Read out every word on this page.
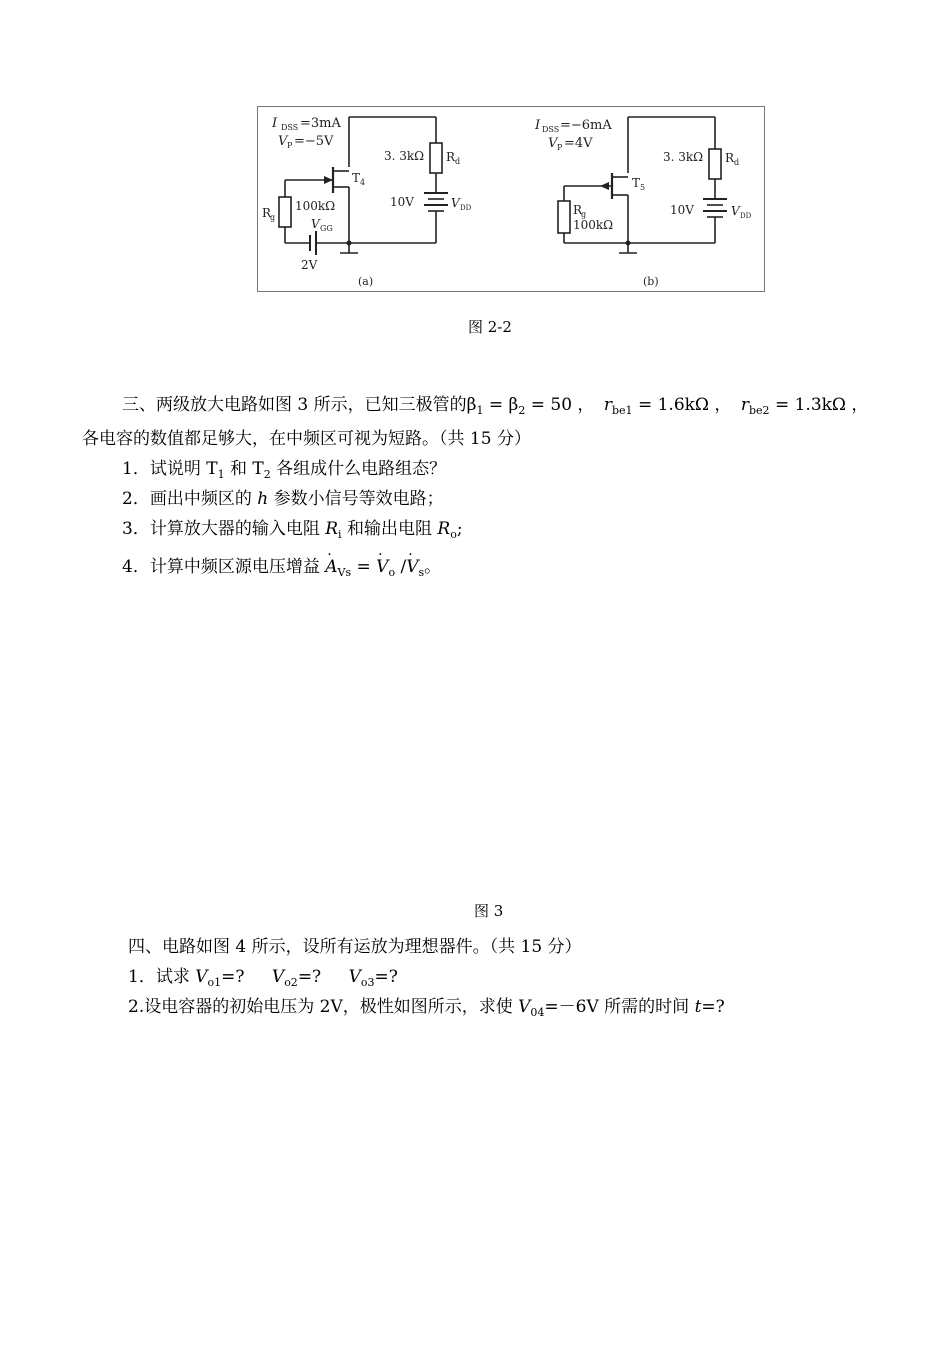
I DSS =3mA
V P =−5V
3. 3kΩ R d
T 4
R
g
100kΩ
V GG
2V
10V	V DD
(a)
I DSS =−6mA
V P =4V
3. 3kΩ R d
T 5
R
g
100kΩ
10V	V DD
(b)
图 2-2
三、两级放大电路如图 3 所示，已知三极管的$\beta_1 = \beta_2 = 50$ ， $r_{be1} = 1.6k\Omega$ ， $r_{be2} = 1.3k\Omega$ ，
各电容的数值都足够大，在中频区可视为短路。（共 15 分）
1．试说明 $T_1$ 和 $T_2$ 各组成什么电路组态？
2．画出中频区的 h 参数小信号等效电路；
3．计算放大器的输入电阻 $R_i$ 和输出电阻 $R_o$;
4．计算中频区源电压增益 · $A_{Vs}$ = · $V_o /\cdot V_s$。
图 3
四、电路如图 4 所示，设所有运放为理想器件。（共 15 分）
1．试求 $V_{o1}=$? $V_{o2}=$? $V_{o3}=$?
2.设电容器的初始电压为 2V，极性如图所示，求使 $V_{04}=-6V$ 所需的时间 t=?
